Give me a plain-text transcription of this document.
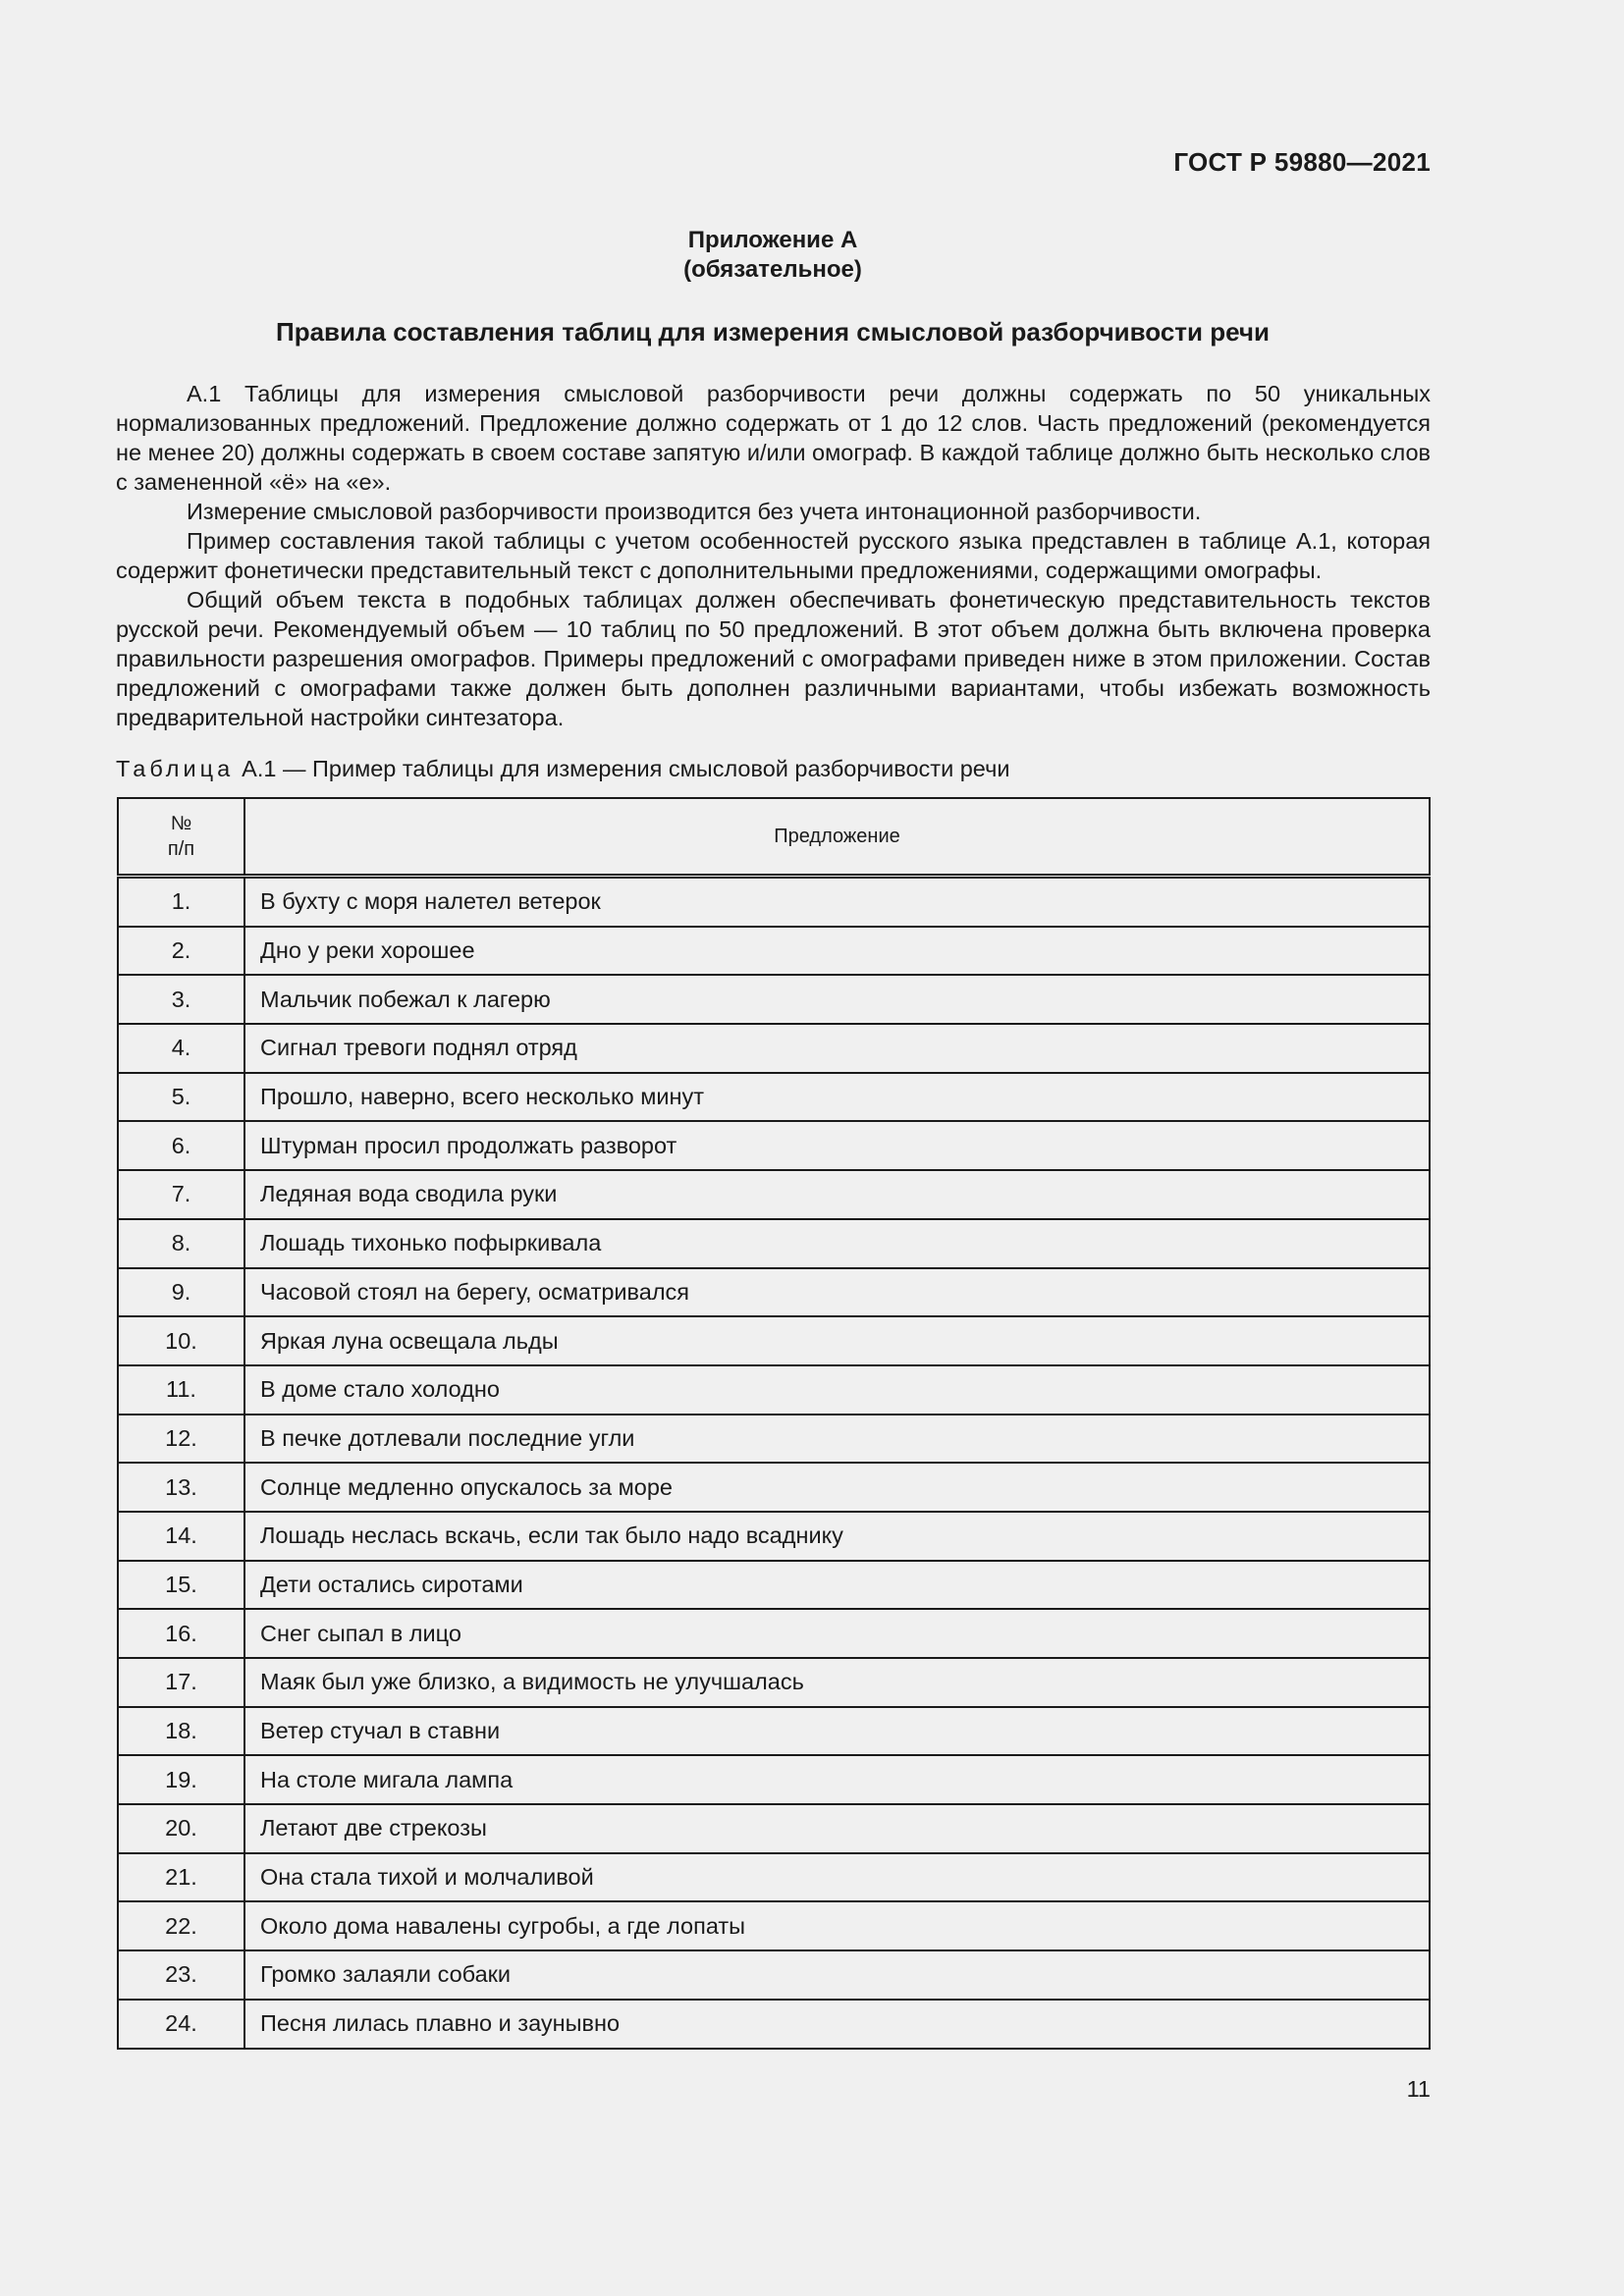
ГОСТ Р 59880—2021
Приложение А
(обязательное)
Правила составления таблиц для измерения смысловой разборчивости речи

А.1 Таблицы для измерения смысловой разборчивости речи должны содержать по 50 уникальных нормализованных предложений. Предложение должно содержать от 1 до 12 слов. Часть предложений (рекомендуется не менее 20) должны содержать в своем составе запятую и/или омограф. В каждой таблице должно быть несколько слов с замененной «ё» на «е».

Измерение смысловой разборчивости производится без учета интонационной разборчивости.

Пример составления такой таблицы с учетом особенностей русского языка представлен в таблице А.1, которая содержит фонетически представительный текст с дополнительными предложениями, содержащими омографы.

Общий объем текста в подобных таблицах должен обеспечивать фонетическую представительность текстов русской речи. Рекомендуемый объем — 10 таблиц по 50 предложений. В этот объем должна быть включена проверка правильности разрешения омографов. Примеры предложений с омографами приведен ниже в этом приложении. Состав предложений с омографами также должен быть дополнен различными вариантами, чтобы избежать возможность предварительной настройки синтезатора.

Таблица А.1 — Пример таблицы для измерения смысловой разборчивости речи
№
п/п	Предложение
1.	В бухту с моря налетел ветерок
2.	Дно у реки хорошее
3.	Мальчик побежал к лагерю
4.	Сигнал тревоги поднял отряд
5.	Прошло, наверно, всего несколько минут
6.	Штурман просил продолжать разворот
7.	Ледяная вода сводила руки
8.	Лошадь тихонько пофыркивала
9.	Часовой стоял на берегу, осматривался
10.	Яркая луна освещала льды
11.	В доме стало холодно
12.	В печке дотлевали последние угли
13.	Солнце медленно опускалось за море
14.	Лошадь неслась вскачь, если так было надо всаднику
15.	Дети остались сиротами
16.	Снег сыпал в лицо
17.	Маяк был уже близко, а видимость не улучшалась
18.	Ветер стучал в ставни
19.	На столе мигала лампа
20.	Летают две стрекозы
21.	Она стала тихой и молчаливой
22.	Около дома навалены сугробы, а где лопаты
23.	Громко залаяли собаки
24.	Песня лилась плавно и заунывно
11
